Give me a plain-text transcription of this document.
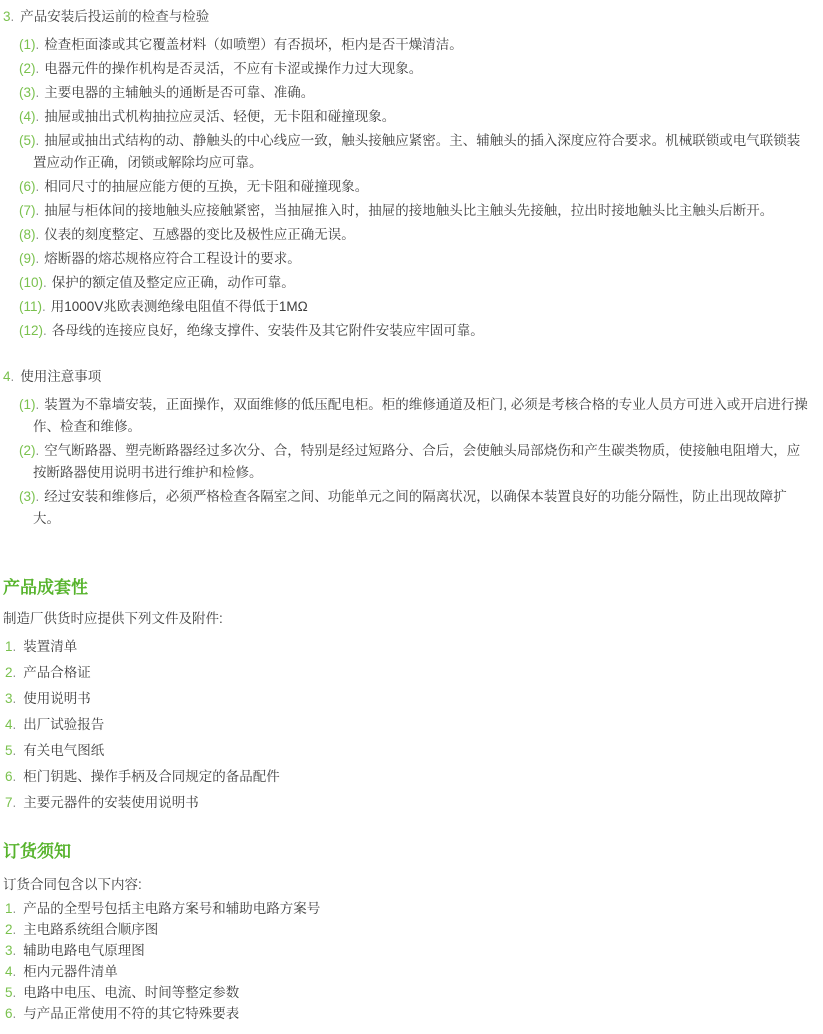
3. 产品安装后投运前的检查与检验

(1). 检查柜面漆或其它覆盖材料（如喷塑）有否损坏，柜内是否干燥清洁。

(2). 电器元件的操作机构是否灵活，不应有卡涩或操作力过大现象。

(3). 主要电器的主辅触头的通断是否可靠、准确。

(4). 抽屉或抽出式机构抽拉应灵活、轻便，无卡阻和碰撞现象。

(5). 抽屉或抽出式结构的动、静触头的中心线应一致，触头接触应紧密。主、辅触头的插入深度应符合要求。机械联锁或电气联锁装置应动作正确，闭锁或解除均应可靠。

(6). 相同尺寸的抽屉应能方便的互换，无卡阻和碰撞现象。

(7). 抽屉与柜体间的接地触头应接触紧密，当抽屉推入时，抽屉的接地触头比主触头先接触，拉出时接地触头比主触头后断开。

(8). 仪表的刻度整定、互感器的变比及极性应正确无误。

(9). 熔断器的熔芯规格应符合工程设计的要求。

(10). 保护的额定值及整定应正确，动作可靠。

(11). 用1000V兆欧表测绝缘电阻值不得低于1MΩ

(12). 各母线的连接应良好，绝缘支撑件、安装件及其它附件安装应牢固可靠。

4. 使用注意事项

(1). 装置为不靠墙安装，正面操作，双面维修的低压配电柜。柜的维修通道及柜门, 必须是考核合格的专业人员方可进入或开启进行操作、检查和维修。

(2). 空气断路器、塑壳断路器经过多次分、合，特别是经过短路分、合后，会使触头局部烧伤和产生碳类物质，使接触电阻增大，应按断路器使用说明书进行维护和检修。

(3). 经过安装和维修后，必须严格检查各隔室之间、功能单元之间的隔离状况，以确保本装置良好的功能分隔性，防止出现故障扩大。

产品成套性

制造厂供货时应提供下列文件及附件:

1. 装置清单

2. 产品合格证

3. 使用说明书

4. 出厂试验报告

5. 有关电气图纸

6. 柜门钥匙、操作手柄及合同规定的备品配件

7. 主要元器件的安装使用说明书

订货须知

订货合同包含以下内容:

1. 产品的全型号包括主电路方案号和辅助电路方案号

2. 主电路系统组合顺序图

3. 辅助电路电气原理图

4. 柜内元器件清单

5. 电路中电压、电流、时间等整定参数

6. 与产品正常使用不符的其它特殊要表
